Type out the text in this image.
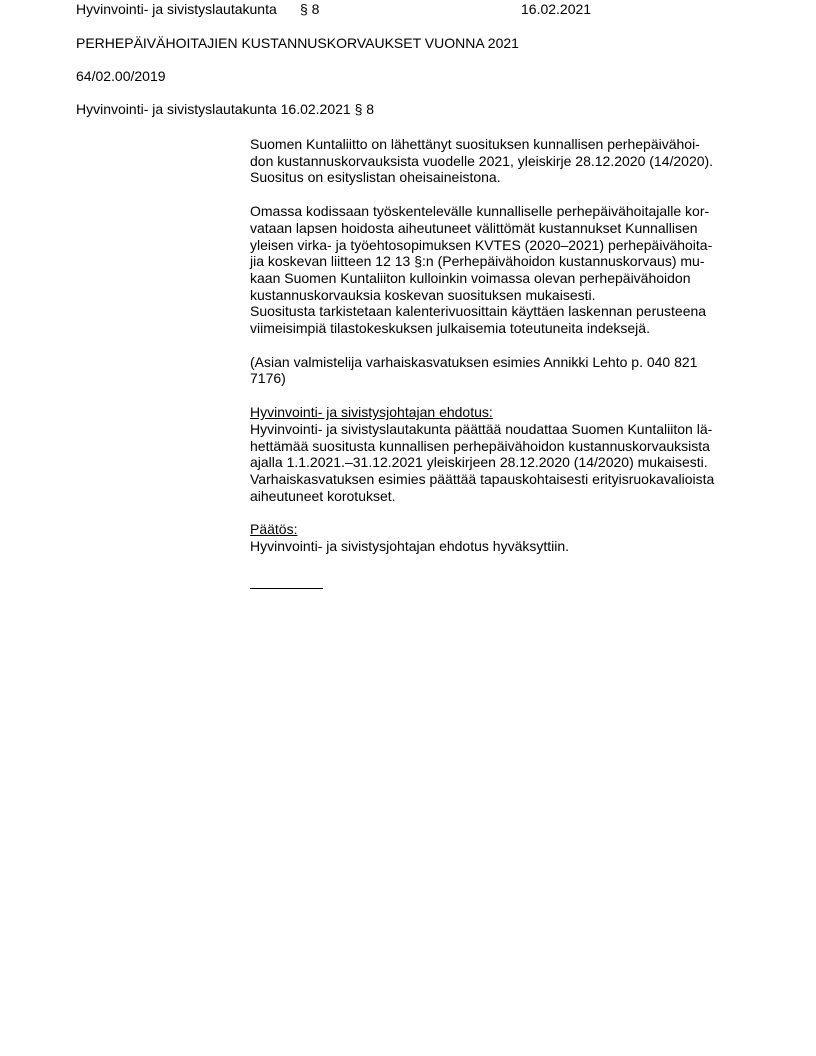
Hyvinvointi- ja sivistyslautakunta § 8	16.02.2021
PERHEPÄIVÄHOITAJIEN KUSTANNUSKORVAUKSET VUONNA 2021
64/02.00/2019
Hyvinvointi- ja sivistyslautakunta 16.02.2021 § 8
Suomen Kuntaliitto on lähettänyt suosituksen kunnallisen perhepäivähoi-
don kustannuskorvauksista vuodelle 2021, yleiskirje 28.12.2020 (14/2020).
Suositus on esityslistan oheisaineistona.
Omassa kodissaan työskentelevälle kunnalliselle perhepäivähoitajalle kor-
vataan lapsen hoidosta aiheutuneet välittömät kustannukset Kunnallisen
yleisen virka- ja työehtosopimuksen KVTES (2020–2021) perhepäivähoita-
jia koskevan liitteen 12 13 §:n (Perhepäivähoidon kustannuskorvaus) mu-
kaan Suomen Kuntaliiton kulloinkin voimassa olevan perhepäivähoidon
kustannuskorvauksia koskevan suosituksen mukaisesti.
Suositusta tarkistetaan kalenterivuosittain käyttäen laskennan perusteena
viimeisimpiä tilastokeskuksen julkaisemia toteutuneita indeksejä.
(Asian valmistelija varhaiskasvatuksen esimies Annikki Lehto p. 040 821
7176)
Hyvinvointi- ja sivistysjohtajan ehdotus:
Hyvinvointi- ja sivistyslautakunta päättää noudattaa Suomen Kuntaliiton lä-
hettämää suositusta kunnallisen perhepäivähoidon kustannuskorvauksista
ajalla 1.1.2021.–31.12.2021 yleiskirjeen 28.12.2020 (14/2020) mukaisesti.
Varhaiskasvatuksen esimies päättää tapauskohtaisesti erityisruokavalioista
aiheutuneet korotukset.
Päätös:
Hyvinvointi- ja sivistysjohtajan ehdotus hyväksyttiin.
